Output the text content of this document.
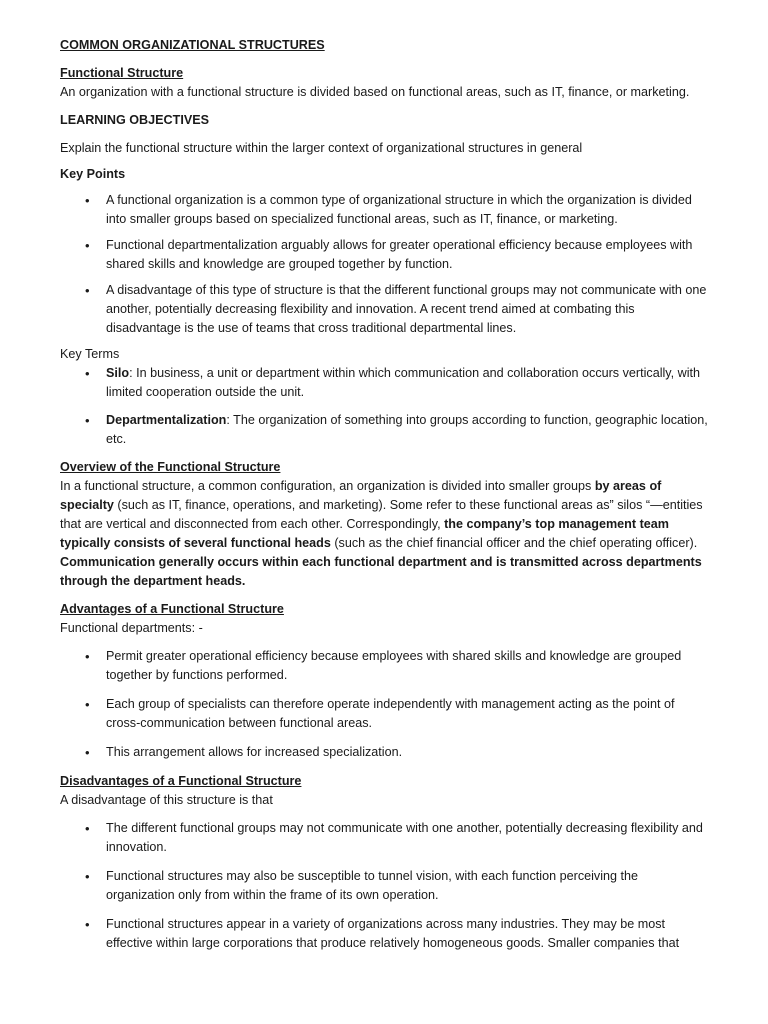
COMMON ORGANIZATIONAL STRUCTURES

Functional Structure

An organization with a functional structure is divided based on functional areas, such as IT, finance, or marketing.

LEARNING OBJECTIVES

Explain the functional structure within the larger context of organizational structures in general

Key Points

• A functional organization is a common type of organizational structure in which the organization is divided into smaller groups based on specialized functional areas, such as IT, finance, or marketing.
• Functional departmentalization arguably allows for greater operational efficiency because employees with shared skills and knowledge are grouped together by function.
• A disadvantage of this type of structure is that the different functional groups may not communicate with one another, potentially decreasing flexibility and innovation. A recent trend aimed at combating this disadvantage is the use of teams that cross traditional departmental lines.

Key Terms

• Silo: In business, a unit or department within which communication and collaboration occurs vertically, with limited cooperation outside the unit.
• Departmentalization: The organization of something into groups according to function, geographic location, etc.

Overview of the Functional Structure

In a functional structure, a common configuration, an organization is divided into smaller groups by areas of specialty (such as IT, finance, operations, and marketing). Some refer to these functional areas as” silos “—entities that are vertical and disconnected from each other. Correspondingly, the company’s top management team typically consists of several functional heads (such as the chief financial officer and the chief operating officer). Communication generally occurs within each functional department and is transmitted across departments through the department heads.

Advantages of a Functional Structure

Functional departments: -

• Permit greater operational efficiency because employees with shared skills and knowledge are grouped together by functions performed.
• Each group of specialists can therefore operate independently with management acting as the point of cross-communication between functional areas.
• This arrangement allows for increased specialization.

Disadvantages of a Functional Structure

A disadvantage of this structure is that

• The different functional groups may not communicate with one another, potentially decreasing flexibility and innovation.
• Functional structures may also be susceptible to tunnel vision, with each function perceiving the organization only from within the frame of its own operation.
• Functional structures appear in a variety of organizations across many industries. They may be most effective within large corporations that produce relatively homogeneous goods. Smaller companies that
